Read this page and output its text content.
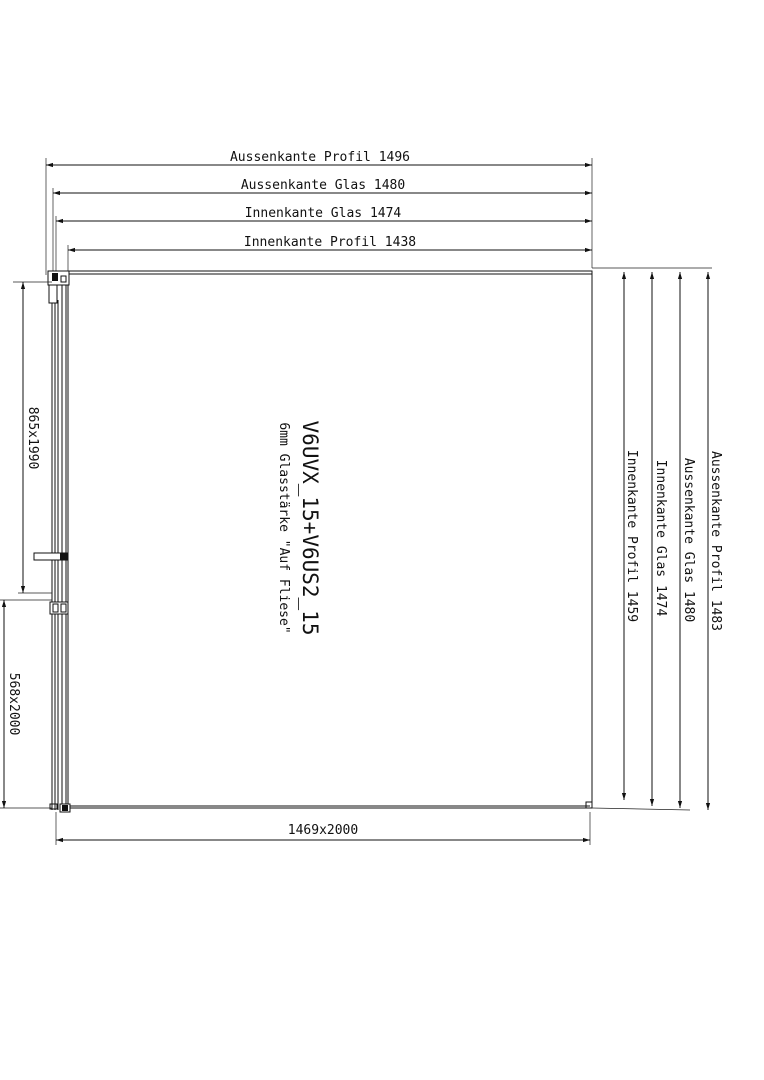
Aussenkante Profil 1496
Aussenkante Glas 1480
Innenkante Glas 1474
Innenkante Profil 1438
865x1990
568x2000
1469x2000
Innenkante Profil 1459 Innenkante Glas 1474 Aussenkante Glas 1480 Aussenkante Profil 1483
V6UVX_15+V6US2_15
6mm Glasstärke "Auf Fliese"
